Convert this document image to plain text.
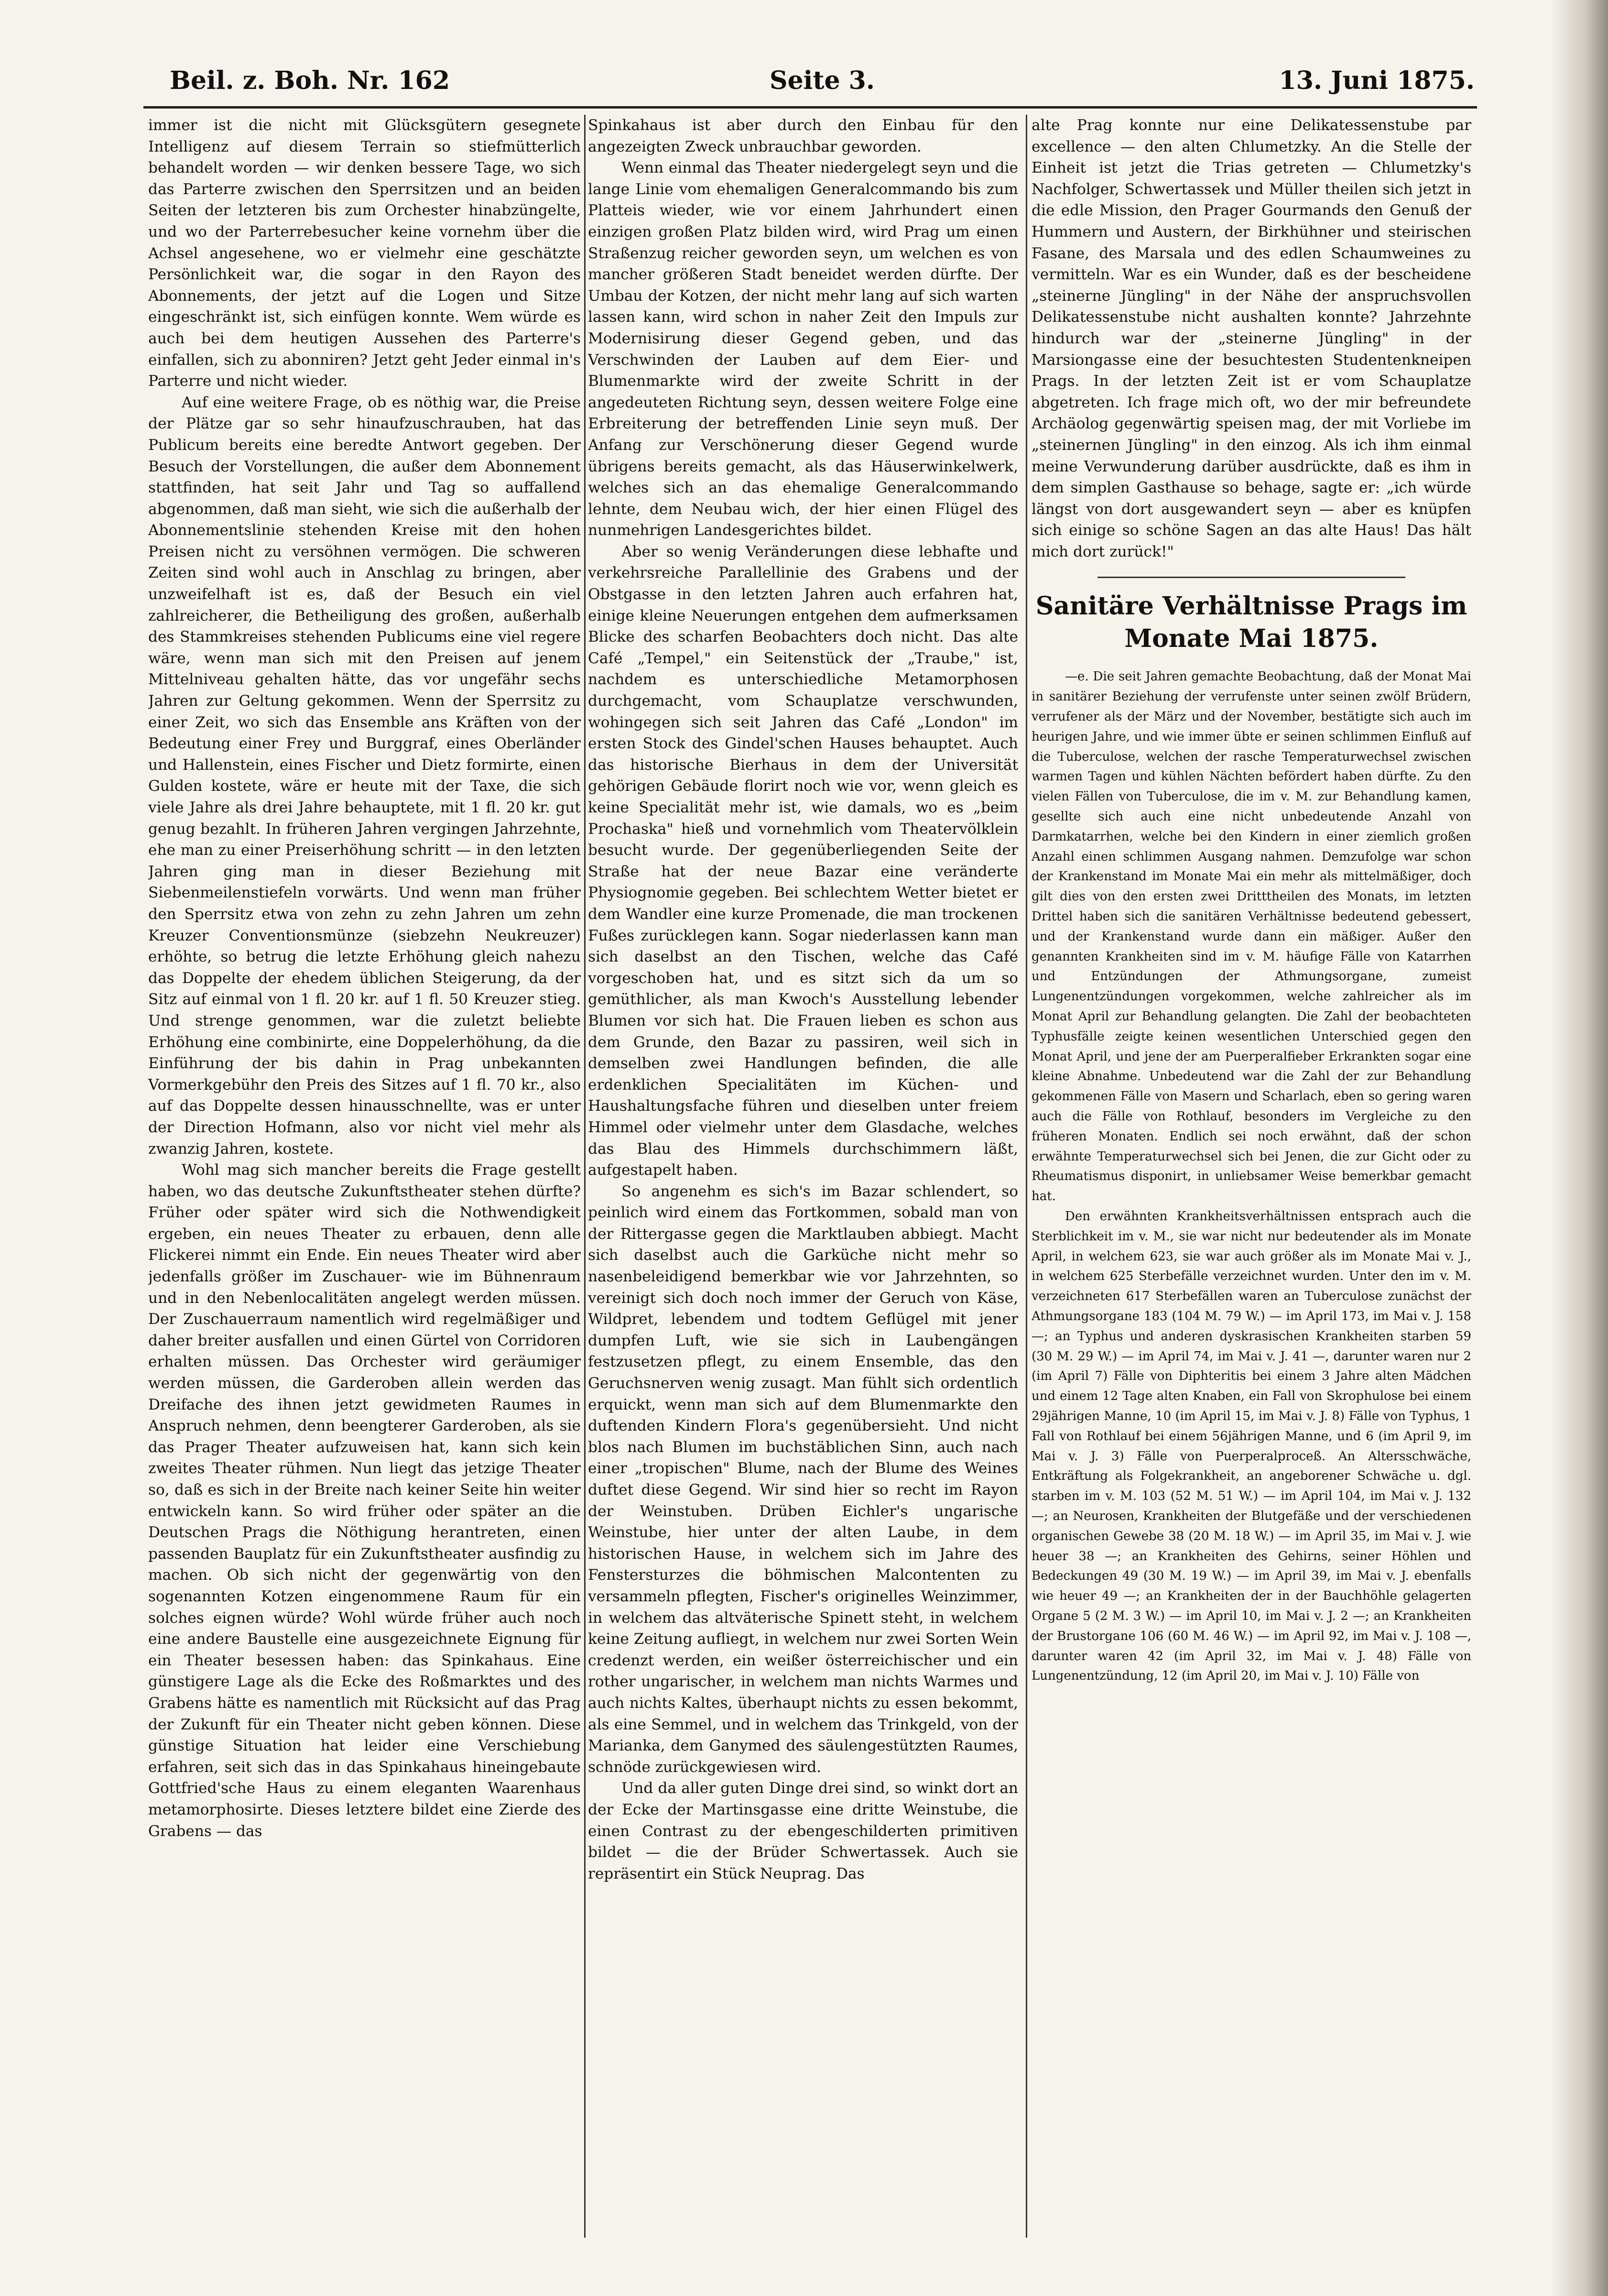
Beil. z. Boh. Nr. 162	Seite 3.	13. Juni 1875.

immer ist die nicht mit Glücksgütern gesegnete Intelligenz auf diesem Terrain so stiefmütterlich behandelt worden — wir denken bessere Tage, wo sich das Parterre zwischen den Sperrsitzen und an beiden Seiten der letzteren bis zum Orchester hinabzüngelte, und wo der Parterrebesucher keine vornehm über die Achsel angesehene, wo er vielmehr eine geschätzte Persönlichkeit war, die sogar in den Rayon des Abonnements, der jetzt auf die Logen und Sitze eingeschränkt ist, sich einfügen konnte. Wem würde es auch bei dem heutigen Aussehen des Parterre's einfallen, sich zu abonniren? Jetzt geht Jeder einmal in's Parterre und nicht wieder.

Auf eine weitere Frage, ob es nöthig war, die Preise der Plätze gar so sehr hinaufzuschrauben, hat das Publicum bereits eine beredte Antwort gegeben. Der Besuch der Vorstellungen, die außer dem Abonnement stattfinden, hat seit Jahr und Tag so auffallend abgenommen, daß man sieht, wie sich die außerhalb der Abonnementslinie stehenden Kreise mit den hohen Preisen nicht zu versöhnen vermögen. Die schweren Zeiten sind wohl auch in Anschlag zu bringen, aber unzweifelhaft ist es, daß der Besuch ein viel zahlreicherer, die Betheiligung des großen, außerhalb des Stammkreises stehenden Publicums eine viel regere wäre, wenn man sich mit den Preisen auf jenem Mittelniveau gehalten hätte, das vor ungefähr sechs Jahren zur Geltung gekommen. Wenn der Sperrsitz zu einer Zeit, wo sich das Ensemble ans Kräften von der Bedeutung einer Frey und Burggraf, eines Oberländer und Hallenstein, eines Fischer und Dietz formirte, einen Gulden kostete, wäre er heute mit der Taxe, die sich viele Jahre als drei Jahre behauptete, mit 1 fl. 20 kr. gut genug bezahlt. In früheren Jahren vergingen Jahrzehnte, ehe man zu einer Preiserhöhung schritt — in den letzten Jahren ging man in dieser Beziehung mit Siebenmeilenstiefeln vorwärts. Und wenn man früher den Sperrsitz etwa von zehn zu zehn Jahren um zehn Kreuzer Conventionsmünze (siebzehn Neukreuzer) erhöhte, so betrug die letzte Erhöhung gleich nahezu das Doppelte der ehedem üblichen Steigerung, da der Sitz auf einmal von 1 fl. 20 kr. auf 1 fl. 50 Kreuzer stieg. Und strenge genommen, war die zuletzt beliebte Erhöhung eine combinirte, eine Doppelerhöhung, da die Einführung der bis dahin in Prag unbekannten Vormerkgebühr den Preis des Sitzes auf 1 fl. 70 kr., also auf das Doppelte dessen hinausschnellte, was er unter der Direction Hofmann, also vor nicht viel mehr als zwanzig Jahren, kostete.

Wohl mag sich mancher bereits die Frage gestellt haben, wo das deutsche Zukunftstheater stehen dürfte? Früher oder später wird sich die Nothwendigkeit ergeben, ein neues Theater zu erbauen, denn alle Flickerei nimmt ein Ende. Ein neues Theater wird aber jedenfalls größer im Zuschauer- wie im Bühnenraum und in den Nebenlocalitäten angelegt werden müssen. Der Zuschauerraum namentlich wird regelmäßiger und daher breiter ausfallen und einen Gürtel von Corridoren erhalten müssen. Das Orchester wird geräumiger werden müssen, die Garderoben allein werden das Dreifache des ihnen jetzt gewidmeten Raumes in Anspruch nehmen, denn beengterer Garderoben, als sie das Prager Theater aufzuweisen hat, kann sich kein zweites Theater rühmen. Nun liegt das jetzige Theater so, daß es sich in der Breite nach keiner Seite hin weiter entwickeln kann. So wird früher oder später an die Deutschen Prags die Nöthigung herantreten, einen passenden Bauplatz für ein Zukunftstheater ausfindig zu machen. Ob sich nicht der gegenwärtig von den sogenannten Kotzen eingenommene Raum für ein solches eignen würde? Wohl würde früher auch noch eine andere Baustelle eine ausgezeichnete Eignung für ein Theater besessen haben: das Spinkahaus. Eine günstigere Lage als die Ecke des Roßmarktes und des Grabens hätte es namentlich mit Rücksicht auf das Prag der Zukunft für ein Theater nicht geben können. Diese günstige Situation hat leider eine Verschiebung erfahren, seit sich das in das Spinkahaus hineingebaute Gottfried'sche Haus zu einem eleganten Waarenhaus metamorphosirte. Dieses letztere bildet eine Zierde des Grabens — das

Spinkahaus ist aber durch den Einbau für den angezeigten Zweck unbrauchbar geworden.

Wenn einmal das Theater niedergelegt seyn und die lange Linie vom ehemaligen Generalcommando bis zum Platteis wieder, wie vor einem Jahrhundert einen einzigen großen Platz bilden wird, wird Prag um einen Straßenzug reicher geworden seyn, um welchen es von mancher größeren Stadt beneidet werden dürfte. Der Umbau der Kotzen, der nicht mehr lang auf sich warten lassen kann, wird schon in naher Zeit den Impuls zur Modernisirung dieser Gegend geben, und das Verschwinden der Lauben auf dem Eier- und Blumenmarkte wird der zweite Schritt in der angedeuteten Richtung seyn, dessen weitere Folge eine Erbreiterung der betreffenden Linie seyn muß. Der Anfang zur Verschönerung dieser Gegend wurde übrigens bereits gemacht, als das Häuserwinkelwerk, welches sich an das ehemalige Generalcommando lehnte, dem Neubau wich, der hier einen Flügel des nunmehrigen Landesgerichtes bildet.

Aber so wenig Veränderungen diese lebhafte und verkehrsreiche Parallellinie des Grabens und der Obstgasse in den letzten Jahren auch erfahren hat, einige kleine Neuerungen entgehen dem aufmerksamen Blicke des scharfen Beobachters doch nicht. Das alte Café „Tempel," ein Seitenstück der „Traube," ist, nachdem es unterschiedliche Metamorphosen durchgemacht, vom Schauplatze verschwunden, wohingegen sich seit Jahren das Café „London" im ersten Stock des Gindel'schen Hauses behauptet. Auch das historische Bierhaus in dem der Universität gehörigen Gebäude florirt noch wie vor, wenn gleich es keine Specialität mehr ist, wie damals, wo es „beim Prochaska" hieß und vornehmlich vom Theatervölklein besucht wurde. Der gegenüberliegenden Seite der Straße hat der neue Bazar eine veränderte Physiognomie gegeben. Bei schlechtem Wetter bietet er dem Wandler eine kurze Promenade, die man trockenen Fußes zurücklegen kann. Sogar niederlassen kann man sich daselbst an den Tischen, welche das Café vorgeschoben hat, und es sitzt sich da um so gemüthlicher, als man Kwoch's Ausstellung lebender Blumen vor sich hat. Die Frauen lieben es schon aus dem Grunde, den Bazar zu passiren, weil sich in demselben zwei Handlungen befinden, die alle erdenklichen Specialitäten im Küchen- und Haushaltungsfache führen und dieselben unter freiem Himmel oder vielmehr unter dem Glasdache, welches das Blau des Himmels durchschimmern läßt, aufgestapelt haben.

So angenehm es sich's im Bazar schlendert, so peinlich wird einem das Fortkommen, sobald man von der Rittergasse gegen die Marktlauben abbiegt. Macht sich daselbst auch die Garküche nicht mehr so nasenbeleidigend bemerkbar wie vor Jahrzehnten, so vereinigt sich doch noch immer der Geruch von Käse, Wildpret, lebendem und todtem Geflügel mit jener dumpfen Luft, wie sie sich in Laubengängen festzusetzen pflegt, zu einem Ensemble, das den Geruchsnerven wenig zusagt. Man fühlt sich ordentlich erquickt, wenn man sich auf dem Blumenmarkte den duftenden Kindern Flora's gegenübersieht. Und nicht blos nach Blumen im buchstäblichen Sinn, auch nach einer „tropischen" Blume, nach der Blume des Weines duftet diese Gegend. Wir sind hier so recht im Rayon der Weinstuben. Drüben Eichler's ungarische Weinstube, hier unter der alten Laube, in dem historischen Hause, in welchem sich im Jahre des Fenstersturzes die böhmischen Malcontenten zu versammeln pflegten, Fischer's originelles Weinzimmer, in welchem das altväterische Spinett steht, in welchem keine Zeitung aufliegt, in welchem nur zwei Sorten Wein credenzt werden, ein weißer österreichischer und ein rother ungarischer, in welchem man nichts Warmes und auch nichts Kaltes, überhaupt nichts zu essen bekommt, als eine Semmel, und in welchem das Trinkgeld, von der Marianka, dem Ganymed des säulengestützten Raumes, schnöde zurückgewiesen wird.

Und da aller guten Dinge drei sind, so winkt dort an der Ecke der Martinsgasse eine dritte Weinstube, die einen Contrast zu der ebengeschilderten primitiven bildet — die der Brüder Schwertassek. Auch sie repräsentirt ein Stück Neuprag. Das

alte Prag konnte nur eine Delikatessenstube par excellence — den alten Chlumetzky. An die Stelle der Einheit ist jetzt die Trias getreten — Chlumetzky's Nachfolger, Schwertassek und Müller theilen sich jetzt in die edle Mission, den Prager Gourmands den Genuß der Hummern und Austern, der Birkhühner und steirischen Fasane, des Marsala und des edlen Schaumweines zu vermitteln. War es ein Wunder, daß es der bescheidene „steinerne Jüngling" in der Nähe der anspruchsvollen Delikatessenstube nicht aushalten konnte? Jahrzehnte hindurch war der „steinerne Jüngling" in der Marsiongasse eine der besuchtesten Studentenkneipen Prags. In der letzten Zeit ist er vom Schauplatze abgetreten. Ich frage mich oft, wo der mir befreundete Archäolog gegenwärtig speisen mag, der mit Vorliebe im „steinernen Jüngling" in den einzog. Als ich ihm einmal meine Verwunderung darüber ausdrückte, daß es ihm in dem simplen Gasthause so behage, sagte er: „ich würde längst von dort ausgewandert seyn — aber es knüpfen sich einige so schöne Sagen an das alte Haus! Das hält mich dort zurück!"

Sanitäre Verhältnisse Prags im Monate Mai 1875.

—e. Die seit Jahren gemachte Beobachtung, daß der Monat Mai in sanitärer Beziehung der verrufenste unter seinen zwölf Brüdern, verrufener als der März und der November, bestätigte sich auch im heurigen Jahre, und wie immer übte er seinen schlimmen Einfluß auf die Tuberculose, welchen der rasche Temperaturwechsel zwischen warmen Tagen und kühlen Nächten befördert haben dürfte. Zu den vielen Fällen von Tuberculose, die im v. M. zur Behandlung kamen, gesellte sich auch eine nicht unbedeutende Anzahl von Darmkatarrhen, welche bei den Kindern in einer ziemlich großen Anzahl einen schlimmen Ausgang nahmen. Demzufolge war schon der Krankenstand im Monate Mai ein mehr als mittelmäßiger, doch gilt dies von den ersten zwei Dritttheilen des Monats, im letzten Drittel haben sich die sanitären Verhältnisse bedeutend gebessert, und der Krankenstand wurde dann ein mäßiger. Außer den genannten Krankheiten sind im v. M. häufige Fälle von Katarrhen und Entzündungen der Athmungsorgane, zumeist Lungenentzündungen vorgekommen, welche zahlreicher als im Monat April zur Behandlung gelangten. Die Zahl der beobachteten Typhusfälle zeigte keinen wesentlichen Unterschied gegen den Monat April, und jene der am Puerperalfieber Erkrankten sogar eine kleine Abnahme. Unbedeutend war die Zahl der zur Behandlung gekommenen Fälle von Masern und Scharlach, eben so gering waren auch die Fälle von Rothlauf, besonders im Vergleiche zu den früheren Monaten. Endlich sei noch erwähnt, daß der schon erwähnte Temperaturwechsel sich bei Jenen, die zur Gicht oder zu Rheumatismus disponirt, in unliebsamer Weise bemerkbar gemacht hat.

Den erwähnten Krankheitsverhältnissen entsprach auch die Sterblichkeit im v. M., sie war nicht nur bedeutender als im Monate April, in welchem 623, sie war auch größer als im Monate Mai v. J., in welchem 625 Sterbefälle verzeichnet wurden. Unter den im v. M. verzeichneten 617 Sterbefällen waren an Tuberculose zunächst der Athmungsorgane 183 (104 M. 79 W.) — im April 173, im Mai v. J. 158 —; an Typhus und anderen dyskrasischen Krankheiten starben 59 (30 M. 29 W.) — im April 74, im Mai v. J. 41 —, darunter waren nur 2 (im April 7) Fälle von Diphteritis bei einem 3 Jahre alten Mädchen und einem 12 Tage alten Knaben, ein Fall von Skrophulose bei einem 29jährigen Manne, 10 (im April 15, im Mai v. J. 8) Fälle von Typhus, 1 Fall von Rothlauf bei einem 56jährigen Manne, und 6 (im April 9, im Mai v. J. 3) Fälle von Puerperalproceß. An Altersschwäche, Entkräftung als Folgekrankheit, an angeborener Schwäche u. dgl. starben im v. M. 103 (52 M. 51 W.) — im April 104, im Mai v. J. 132 —; an Neurosen, Krankheiten der Blutgefäße und der verschiedenen organischen Gewebe 38 (20 M. 18 W.) — im April 35, im Mai v. J. wie heuer 38 —; an Krankheiten des Gehirns, seiner Höhlen und Bedeckungen 49 (30 M. 19 W.) — im April 39, im Mai v. J. ebenfalls wie heuer 49 —; an Krankheiten der in der Bauchhöhle gelagerten Organe 5 (2 M. 3 W.) — im April 10, im Mai v. J. 2 —; an Krankheiten der Brustorgane 106 (60 M. 46 W.) — im April 92, im Mai v. J. 108 —, darunter waren 42 (im April 32, im Mai v. J. 48) Fälle von Lungenentzündung, 12 (im April 20, im Mai v. J. 10) Fälle von
